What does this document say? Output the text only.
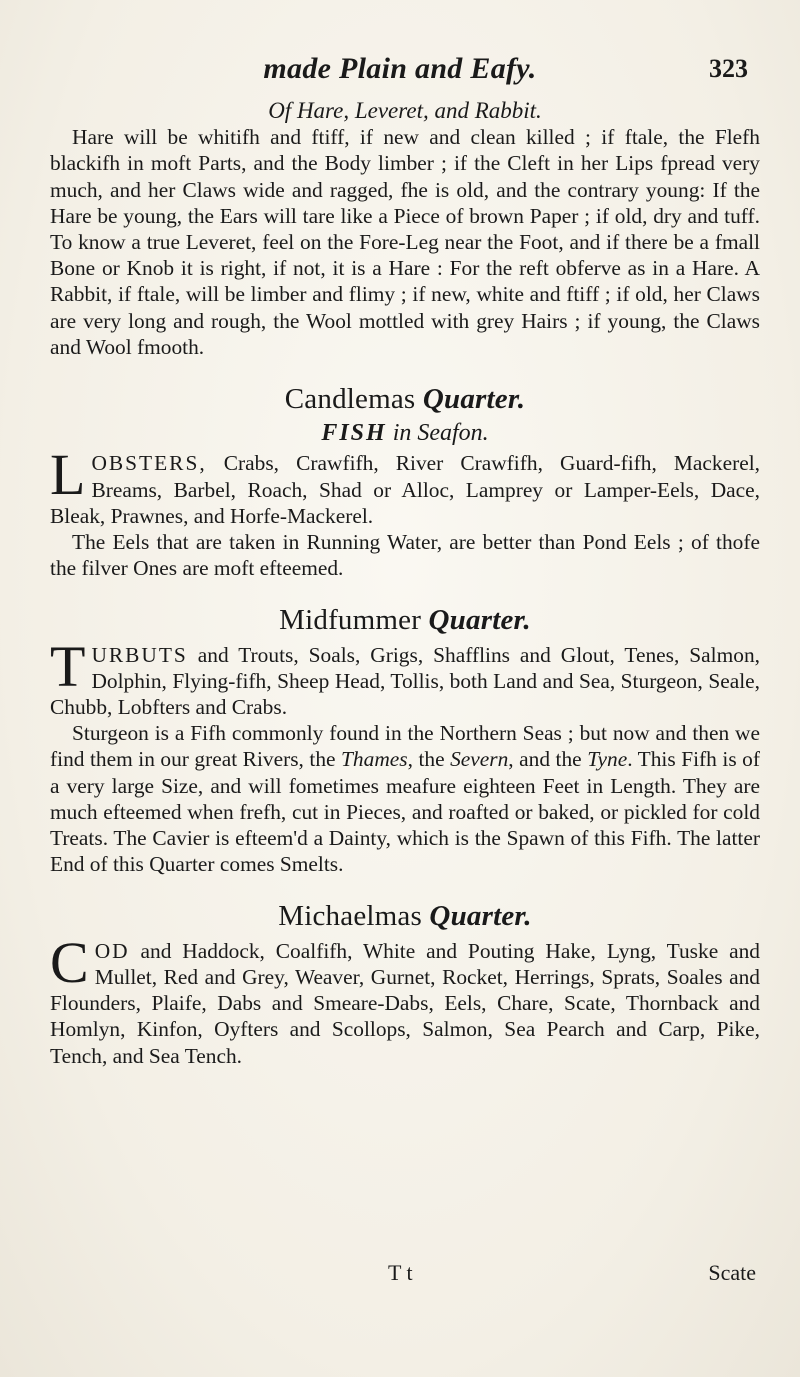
made Plain and Eafy.	323
Of Hare, Leveret, and Rabbit.

Hare will be whitifh and ftiff, if new and clean killed ; if ftale, the Flefh blackifh in moft Parts, and the Body limber ; if the Cleft in her Lips fpread very much, and her Claws wide and ragged, fhe is old, and the contrary young: If the Hare be young, the Ears will tare like a Piece of brown Paper ; if old, dry and tuff. To know a true Leveret, feel on the Fore-Leg near the Foot, and if there be a fmall Bone or Knob it is right, if not, it is a Hare : For the reft obferve as in a Hare. A Rabbit, if ftale, will be limber and flimy ; if new, white and ftiff ; if old, her Claws are very long and rough, the Wool mottled with grey Hairs ; if young, the Claws and Wool fmooth.

Candlemas Quarter.
FISH in Seafon.

LOBSTERS, Crabs, Crawfifh, River Crawfifh, Guard-fifh, Mackerel, Breams, Barbel, Roach, Shad or Alloc, Lamprey or Lamper-Eels, Dace, Bleak, Prawnes, and Horfe-Mackerel.

The Eels that are taken in Running Water, are better than Pond Eels ; of thofe the filver Ones are moft efteemed.

Midfummer Quarter.

TURBUTS and Trouts, Soals, Grigs, Shafflins and Glout, Tenes, Salmon, Dolphin, Flying-fifh, Sheep Head, Tollis, both Land and Sea, Sturgeon, Seale, Chubb, Lobfters and Crabs.

Sturgeon is a Fifh commonly found in the Northern Seas ; but now and then we find them in our great Rivers, the Thames, the Severn, and the Tyne. This Fifh is of a very large Size, and will fometimes meafure eighteen Feet in Length. They are much efteemed when frefh, cut in Pieces, and roafted or baked, or pickled for cold Treats. The Cavier is efteem'd a Dainty, which is the Spawn of this Fifh. The latter End of this Quarter comes Smelts.

Michaelmas Quarter.

COD and Haddock, Coalfifh, White and Pouting Hake, Lyng, Tuske and Mullet, Red and Grey, Weaver, Gurnet, Rocket, Herrings, Sprats, Soales and Flounders, Plaife, Dabs and Smeare-Dabs, Eels, Chare, Scate, Thornback and Homlyn, Kinfon, Oyfters and Scollops, Salmon, Sea Pearch and Carp, Pike, Tench, and Sea Tench.

T t	Scate
